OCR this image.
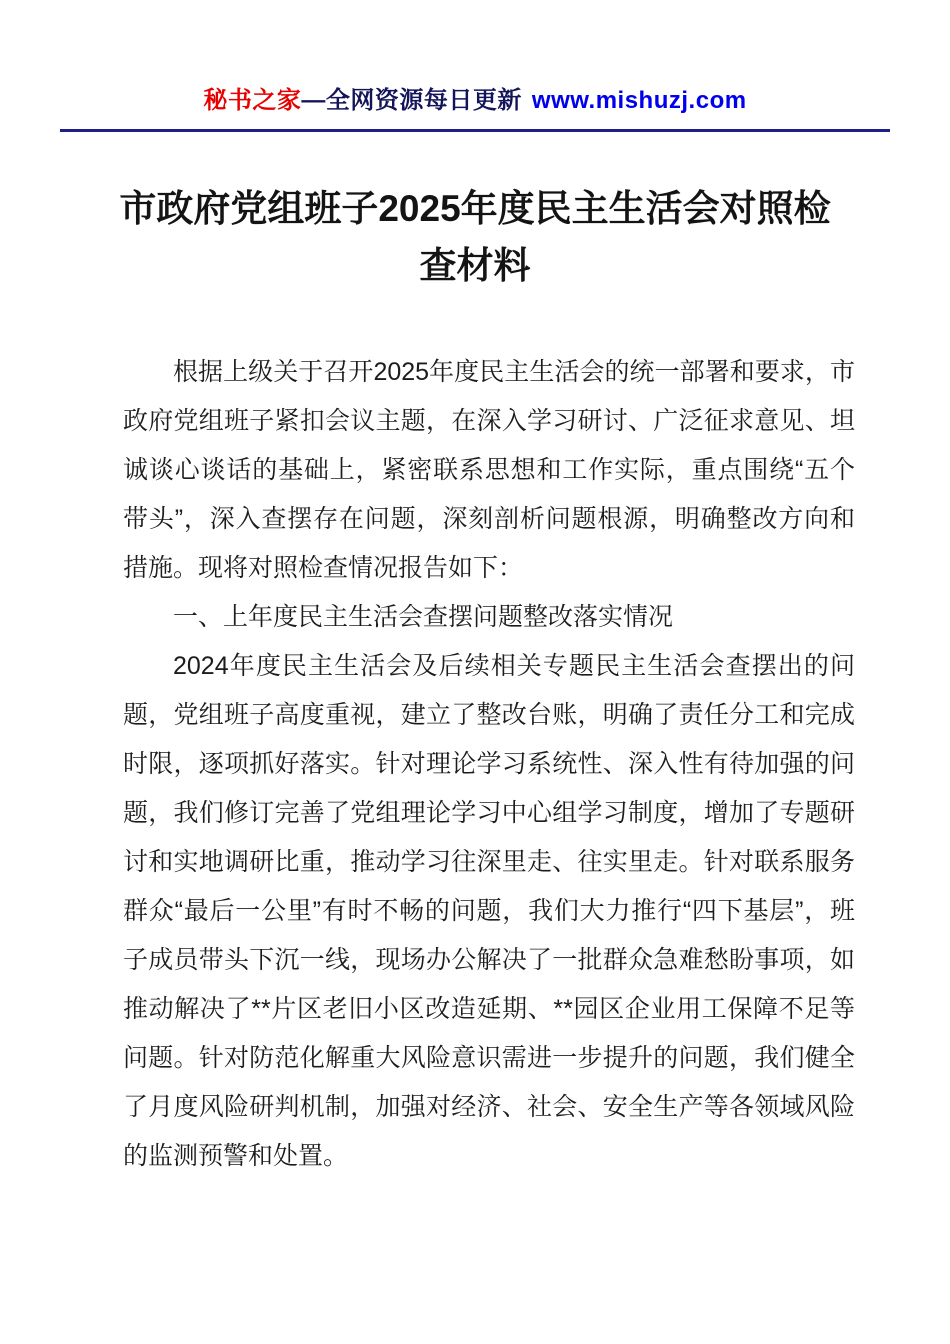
秘书之家—全网资源每日更新 www.mishuzj.com
市政府党组班子2025年度民主生活会对照检查材料

根据上级关于召开2025年度民主生活会的统一部署和要求，市政府党组班子紧扣会议主题，在深入学习研讨、广泛征求意见、坦诚谈心谈话的基础上，紧密联系思想和工作实际，重点围绕“五个带头”，深入查摆存在问题，深刻剖析问题根源，明确整改方向和措施。现将对照检查情况报告如下：

一、上年度民主生活会查摆问题整改落实情况

2024年度民主生活会及后续相关专题民主生活会查摆出的问题，党组班子高度重视，建立了整改台账，明确了责任分工和完成时限，逐项抓好落实。针对理论学习系统性、深入性有待加强的问题，我们修订完善了党组理论学习中心组学习制度，增加了专题研讨和实地调研比重，推动学习往深里走、往实里走。针对联系服务群众“最后一公里”有时不畅的问题，我们大力推行“四下基层”，班子成员带头下沉一线，现场办公解决了一批群众急难愁盼事项，如推动解决了**片区老旧小区改造延期、**园区企业用工保障不足等问题。针对防范化解重大风险意识需进一步提升的问题，我们健全了月度风险研判机制，加强对经济、社会、安全生产等各领域风险的监测预警和处置。
